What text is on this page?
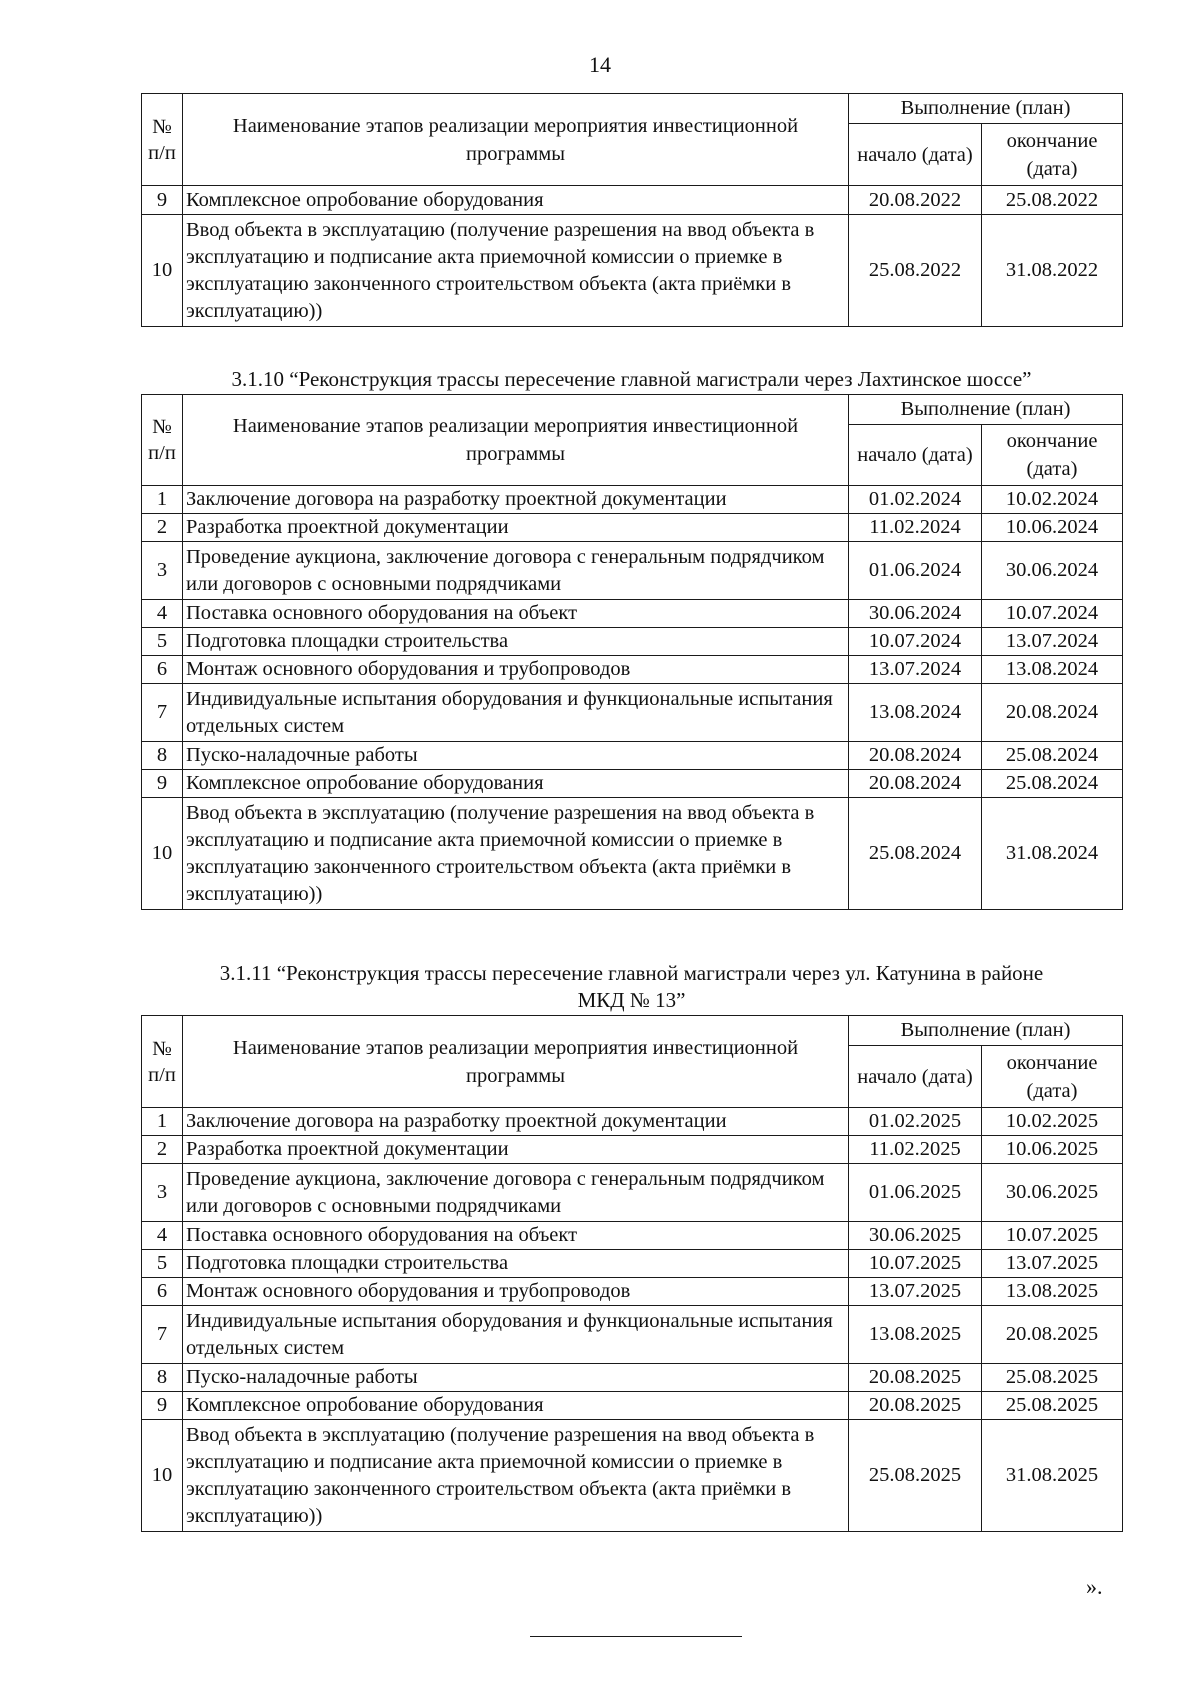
14
№ п/п	Наименование этапов реализации мероприятия инвестиционной программы	Выполнение (план)	
		начало (дата)	окончание (дата)
9	Комплексное опробование оборудования	20.08.2022	25.08.2022
10	Ввод объекта в эксплуатацию (получение разрешения на ввод объекта в эксплуатацию и подписание акта приемочной комиссии о приемке в эксплуатацию законченного строительством объекта (акта приёмки в эксплуатацию))	25.08.2022	31.08.2022
3.1.10 “Реконструкция трассы пересечение главной магистрали через Лахтинское шоссе”
№ п/п	Наименование этапов реализации мероприятия инвестиционной программы	Выполнение (план)	
		начало (дата)	окончание (дата)
1	Заключение договора на разработку проектной документации	01.02.2024	10.02.2024
2	Разработка проектной документации	11.02.2024	10.06.2024
3	Проведение аукциона, заключение договора с генеральным подрядчиком или договоров с основными подрядчиками	01.06.2024	30.06.2024
4	Поставка основного оборудования на объект	30.06.2024	10.07.2024
5	Подготовка площадки строительства	10.07.2024	13.07.2024
6	Монтаж основного оборудования и трубопроводов	13.07.2024	13.08.2024
7	Индивидуальные испытания оборудования и функциональные испытания отдельных систем	13.08.2024	20.08.2024
8	Пуско-наладочные работы	20.08.2024	25.08.2024
9	Комплексное опробование оборудования	20.08.2024	25.08.2024
10	Ввод объекта в эксплуатацию (получение разрешения на ввод объекта в эксплуатацию и подписание акта приемочной комиссии о приемке в эксплуатацию законченного строительством объекта (акта приёмки в эксплуатацию))	25.08.2024	31.08.2024
3.1.11 “Реконструкция трассы пересечение главной магистрали через ул. Катунина в районе
МКД № 13”
№ п/п	Наименование этапов реализации мероприятия инвестиционной программы	Выполнение (план)	
		начало (дата)	окончание (дата)
1	Заключение договора на разработку проектной документации	01.02.2025	10.02.2025
2	Разработка проектной документации	11.02.2025	10.06.2025
3	Проведение аукциона, заключение договора с генеральным подрядчиком или договоров с основными подрядчиками	01.06.2025	30.06.2025
4	Поставка основного оборудования на объект	30.06.2025	10.07.2025
5	Подготовка площадки строительства	10.07.2025	13.07.2025
6	Монтаж основного оборудования и трубопроводов	13.07.2025	13.08.2025
7	Индивидуальные испытания оборудования и функциональные испытания отдельных систем	13.08.2025	20.08.2025
8	Пуско-наладочные работы	20.08.2025	25.08.2025
9	Комплексное опробование оборудования	20.08.2025	25.08.2025
10	Ввод объекта в эксплуатацию (получение разрешения на ввод объекта в эксплуатацию и подписание акта приемочной комиссии о приемке в эксплуатацию законченного строительством объекта (акта приёмки в эксплуатацию))	25.08.2025	31.08.2025
».
